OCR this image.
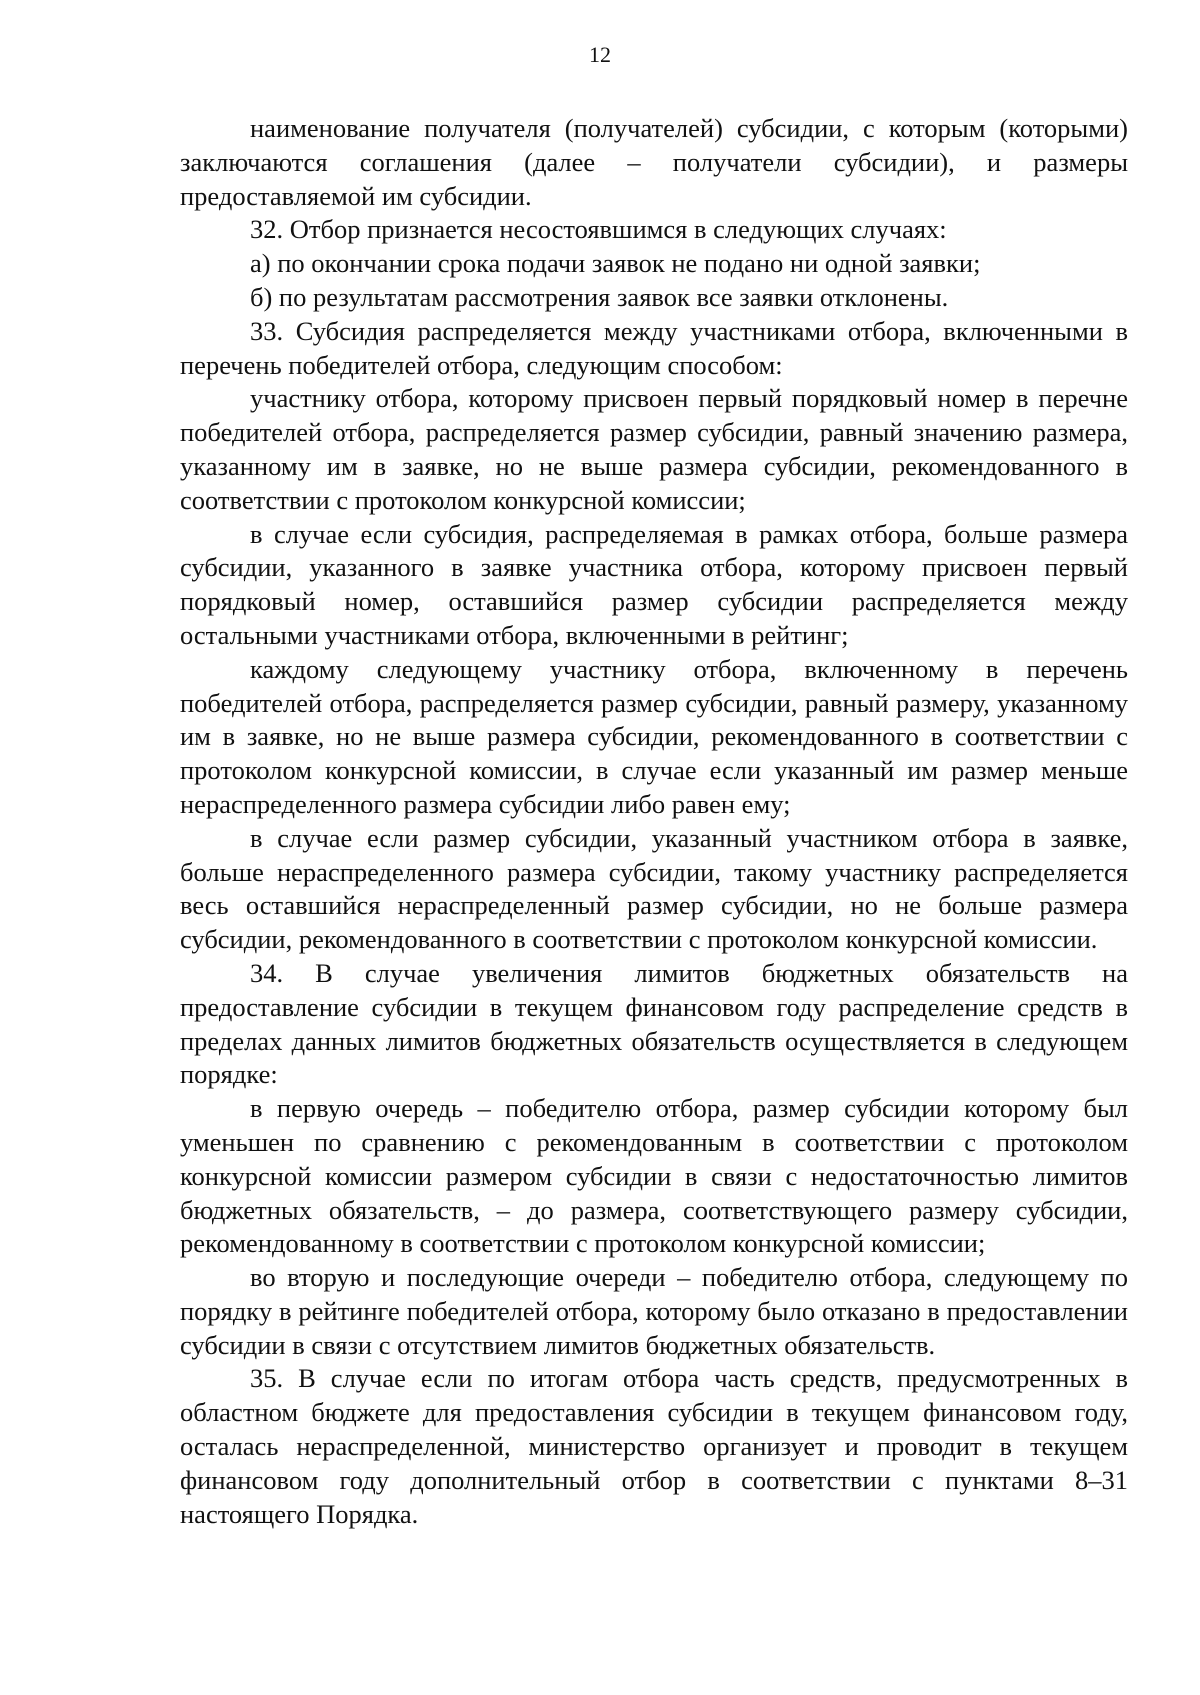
12

наименование получателя (получателей) субсидии, с которым (которыми) заключаются соглашения (далее – получатели субсидии), и размеры предоставляемой им субсидии.

32. Отбор признается несостоявшимся в следующих случаях:

а) по окончании срока подачи заявок не подано ни одной заявки;

б) по результатам рассмотрения заявок все заявки отклонены.

33. Субсидия распределяется между участниками отбора, включенными в перечень победителей отбора, следующим способом:

участнику отбора, которому присвоен первый порядковый номер в перечне победителей отбора, распределяется размер субсидии, равный значению размера, указанному им в заявке, но не выше размера субсидии, рекомендованного в соответствии с протоколом конкурсной комиссии;

в случае если субсидия, распределяемая в рамках отбора, больше размера субсидии, указанного в заявке участника отбора, которому присвоен первый порядковый номер, оставшийся размер субсидии распределяется между остальными участниками отбора, включенными в рейтинг;

каждому следующему участнику отбора, включенному в перечень победителей отбора, распределяется размер субсидии, равный размеру, указанному им в заявке, но не выше размера субсидии, рекомендованного в соответствии с протоколом конкурсной комиссии, в случае если указанный им размер меньше нераспределенного размера субсидии либо равен ему;

в случае если размер субсидии, указанный участником отбора в заявке, больше нераспределенного размера субсидии, такому участнику распределяется весь оставшийся нераспределенный размер субсидии, но не больше размера субсидии, рекомендованного в соответствии с протоколом конкурсной комиссии.

34. В случае увеличения лимитов бюджетных обязательств на предоставление субсидии в текущем финансовом году распределение средств в пределах данных лимитов бюджетных обязательств осуществляется в следующем порядке:

в первую очередь – победителю отбора, размер субсидии которому был уменьшен по сравнению с рекомендованным в соответствии с протоколом конкурсной комиссии размером субсидии в связи с недостаточностью лимитов бюджетных обязательств, – до размера, соответствующего размеру субсидии, рекомендованному в соответствии с протоколом конкурсной комиссии;

во вторую и последующие очереди – победителю отбора, следующему по порядку в рейтинге победителей отбора, которому было отказано в предоставлении субсидии в связи с отсутствием лимитов бюджетных обязательств.

35. В случае если по итогам отбора часть средств, предусмотренных в областном бюджете для предоставления субсидии в текущем финансовом году, осталась нераспределенной, министерство организует и проводит в текущем финансовом году дополнительный отбор в соответствии с пунктами 8–31 настоящего Порядка.
